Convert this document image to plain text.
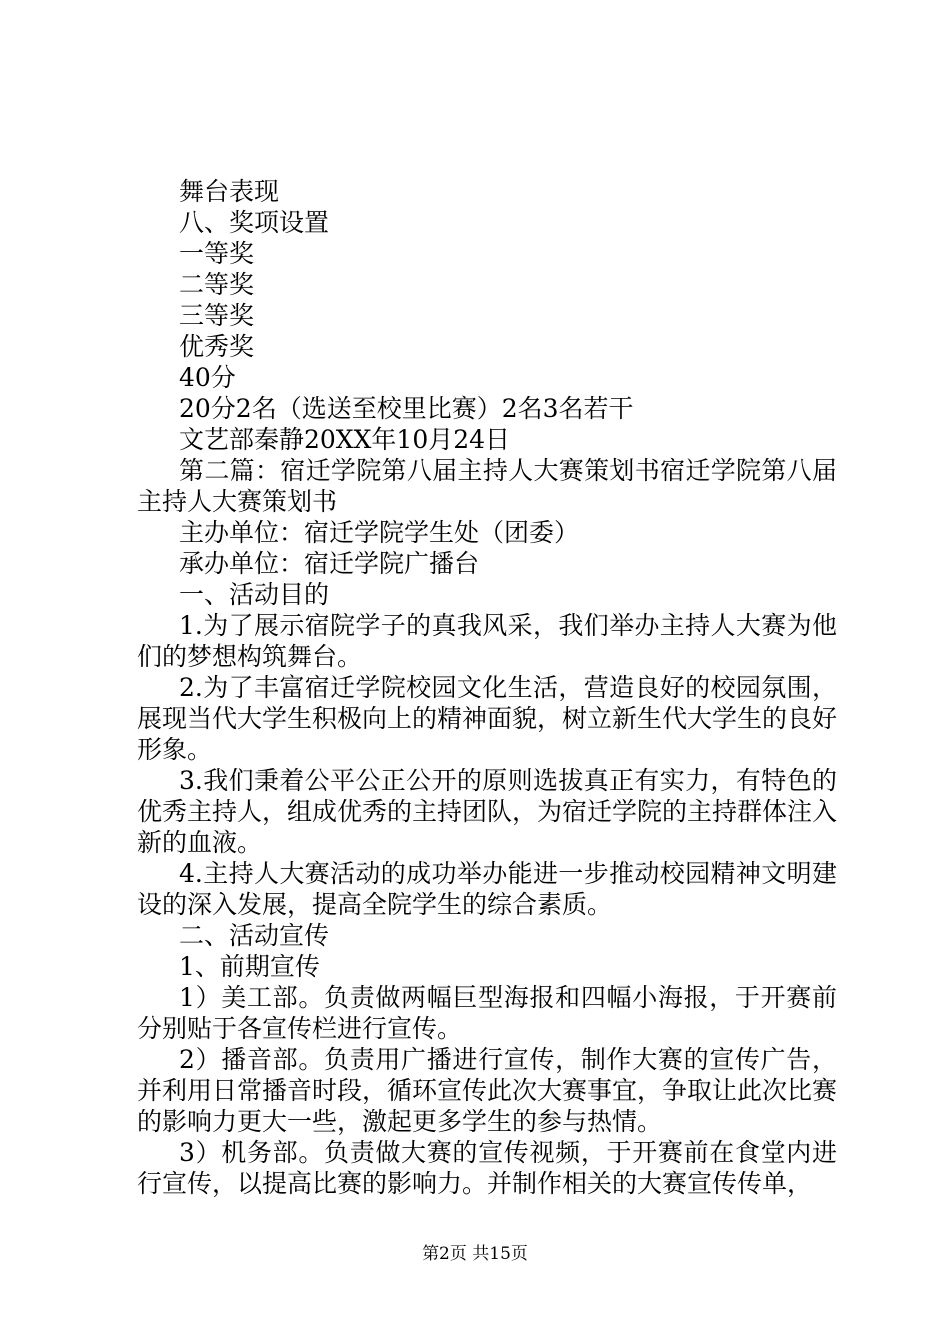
舞台表现
八、奖项设置
一等奖
二等奖
三等奖
优秀奖
40分
20分2名（选送至校里比赛）2名3名若干
文艺部秦静20XX年10月24日

第二篇：宿迁学院第八届主持人大赛策划书宿迁学院第八届主持人大赛策划书

主办单位：宿迁学院学生处（团委）
承办单位：宿迁学院广播台
一、活动目的

1.为了展示宿院学子的真我风采，我们举办主持人大赛为他们的梦想构筑舞台。

2.为了丰富宿迁学院校园文化生活，营造良好的校园氛围，展现当代大学生积极向上的精神面貌，树立新生代大学生的良好形象。

3.我们秉着公平公正公开的原则选拔真正有实力，有特色的优秀主持人，组成优秀的主持团队，为宿迁学院的主持群体注入新的血液。

4.主持人大赛活动的成功举办能进一步推动校园精神文明建设的深入发展，提高全院学生的综合素质。

二、活动宣传
1、前期宣传

1）美工部。负责做两幅巨型海报和四幅小海报，于开赛前分别贴于各宣传栏进行宣传。

2）播音部。负责用广播进行宣传，制作大赛的宣传广告，并利用日常播音时段，循环宣传此次大赛事宜，争取让此次比赛的影响力更大一些，激起更多学生的参与热情。

3）机务部。负责做大赛的宣传视频，于开赛前在食堂内进行宣传，以提高比赛的影响力。并制作相关的大赛宣传传单，

第2页 共15页
